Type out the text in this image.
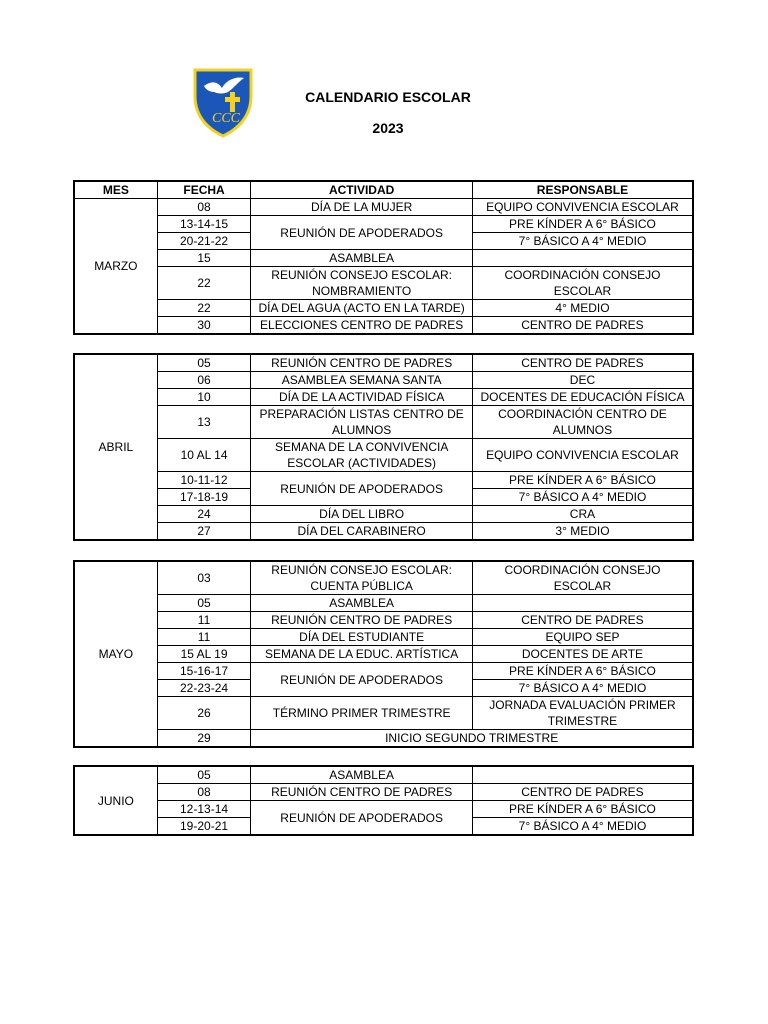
CCC
CALENDARIO ESCOLAR
2023
MES	FECHA	ACTIVIDAD	RESPONSABLE
MARZO	08	DÍA DE LA MUJER	EQUIPO CONVIVENCIA ESCOLAR
	13-14-15	REUNIÓN DE APODERADOS	PRE KÍNDER A 6° BÁSICO
	20-21-22		7° BÁSICO A 4° MEDIO
	15	ASAMBLEA	
	22	REUNIÓN CONSEJO ESCOLAR: NOMBRAMIENTO	COORDINACIÓN CONSEJO ESCOLAR
	22	DÍA DEL AGUA (ACTO EN LA TARDE)	4° MEDIO
	30	ELECCIONES CENTRO DE PADRES	CENTRO DE PADRES
ABRIL	05	REUNIÓN CENTRO DE PADRES	CENTRO DE PADRES
	06	ASAMBLEA SEMANA SANTA	DEC
	10	DÍA DE LA ACTIVIDAD FÍSICA	DOCENTES DE EDUCACIÓN FÍSICA
	13	PREPARACIÓN LISTAS CENTRO DE ALUMNOS	COORDINACIÓN CENTRO DE ALUMNOS
	10 AL 14	SEMANA DE LA CONVIVENCIA ESCOLAR (ACTIVIDADES)	EQUIPO CONVIVENCIA ESCOLAR
	10-11-12	REUNIÓN DE APODERADOS	PRE KÍNDER A 6° BÁSICO
	17-18-19		7° BÁSICO A 4° MEDIO
	24	DÍA DEL LIBRO	CRA
	27	DÍA DEL CARABINERO	3° MEDIO
MAYO	03	REUNIÓN CONSEJO ESCOLAR: CUENTA PÚBLICA	COORDINACIÓN CONSEJO ESCOLAR
	05	ASAMBLEA	
	11	REUNIÓN CENTRO DE PADRES	CENTRO DE PADRES
	11	DÍA DEL ESTUDIANTE	EQUIPO SEP
	15 AL 19	SEMANA DE LA EDUC. ARTÍSTICA	DOCENTES DE ARTE
	15-16-17	REUNIÓN DE APODERADOS	PRE KÍNDER A 6° BÁSICO
	22-23-24		7° BÁSICO A 4° MEDIO
	26	TÉRMINO PRIMER TRIMESTRE	JORNADA EVALUACIÓN PRIMER TRIMESTRE
	29	INICIO SEGUNDO TRIMESTRE	
JUNIO	05	ASAMBLEA	
	08	REUNIÓN CENTRO DE PADRES	CENTRO DE PADRES
	12-13-14	REUNIÓN DE APODERADOS	PRE KÍNDER A 6° BÁSICO
	19-20-21		7° BÁSICO A 4° MEDIO
